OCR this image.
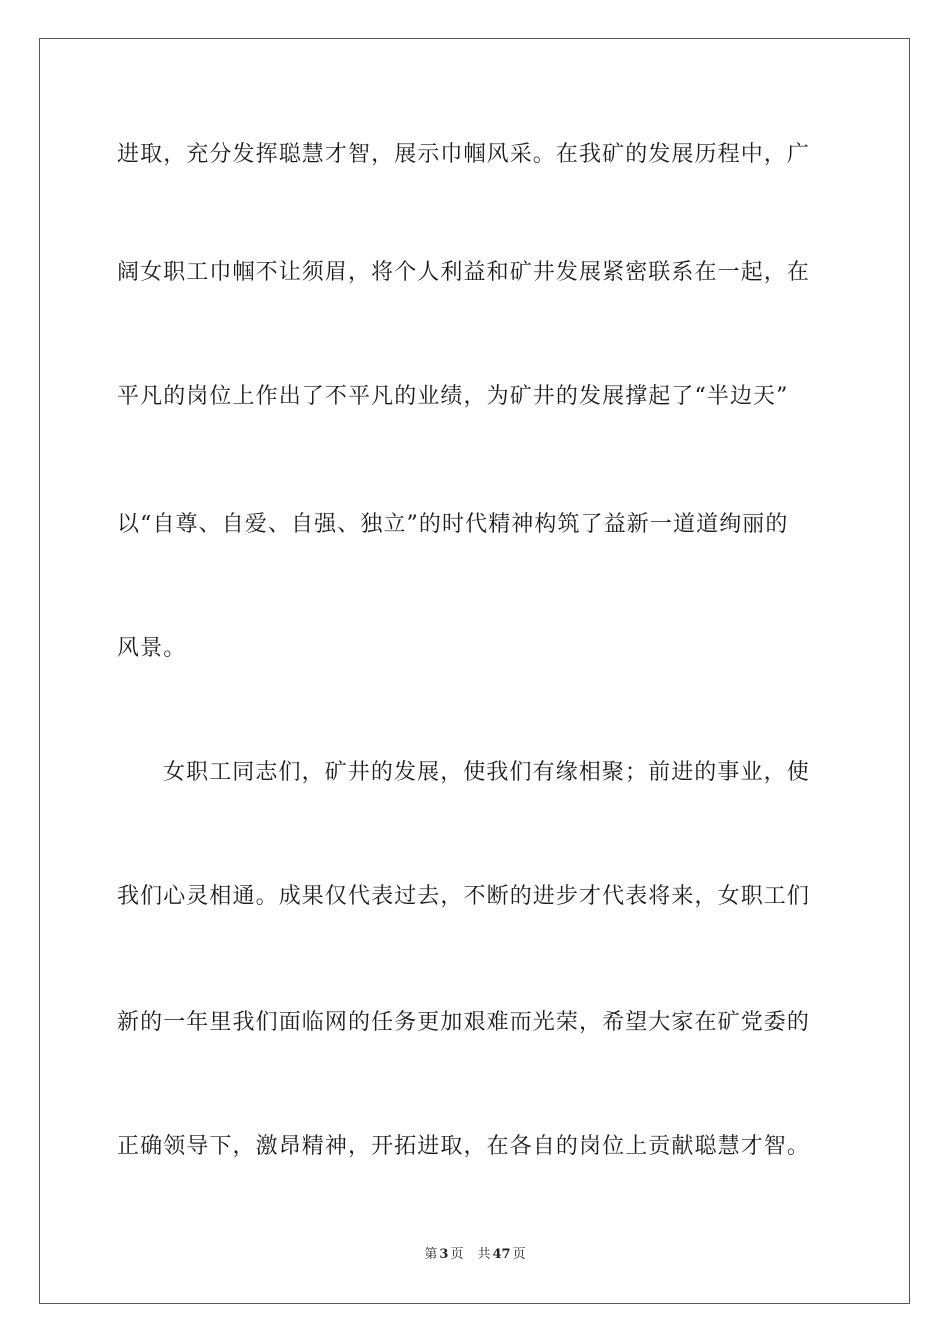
进取，充分发挥聪慧才智，展示巾帼风采。在我矿的发展历程中，广
阔女职工巾帼不让须眉，将个人利益和矿井发展紧密联系在一起，在
平凡的岗位上作出了不平凡的业绩，为矿井的发展撑起了“半边天”
以“自尊、自爱、自强、独立”的时代精神构筑了益新一道道绚丽的
风景。
女职工同志们，矿井的发展，使我们有缘相聚；前进的事业，使
我们心灵相通。成果仅代表过去，不断的进步才代表将来，女职工们
新的一年里我们面临网的任务更加艰难而光荣，希望大家在矿党委的
正确领导下，激昂精神，开拓进取，在各自的岗位上贡献聪慧才智。
第 3 页 共 47 页
